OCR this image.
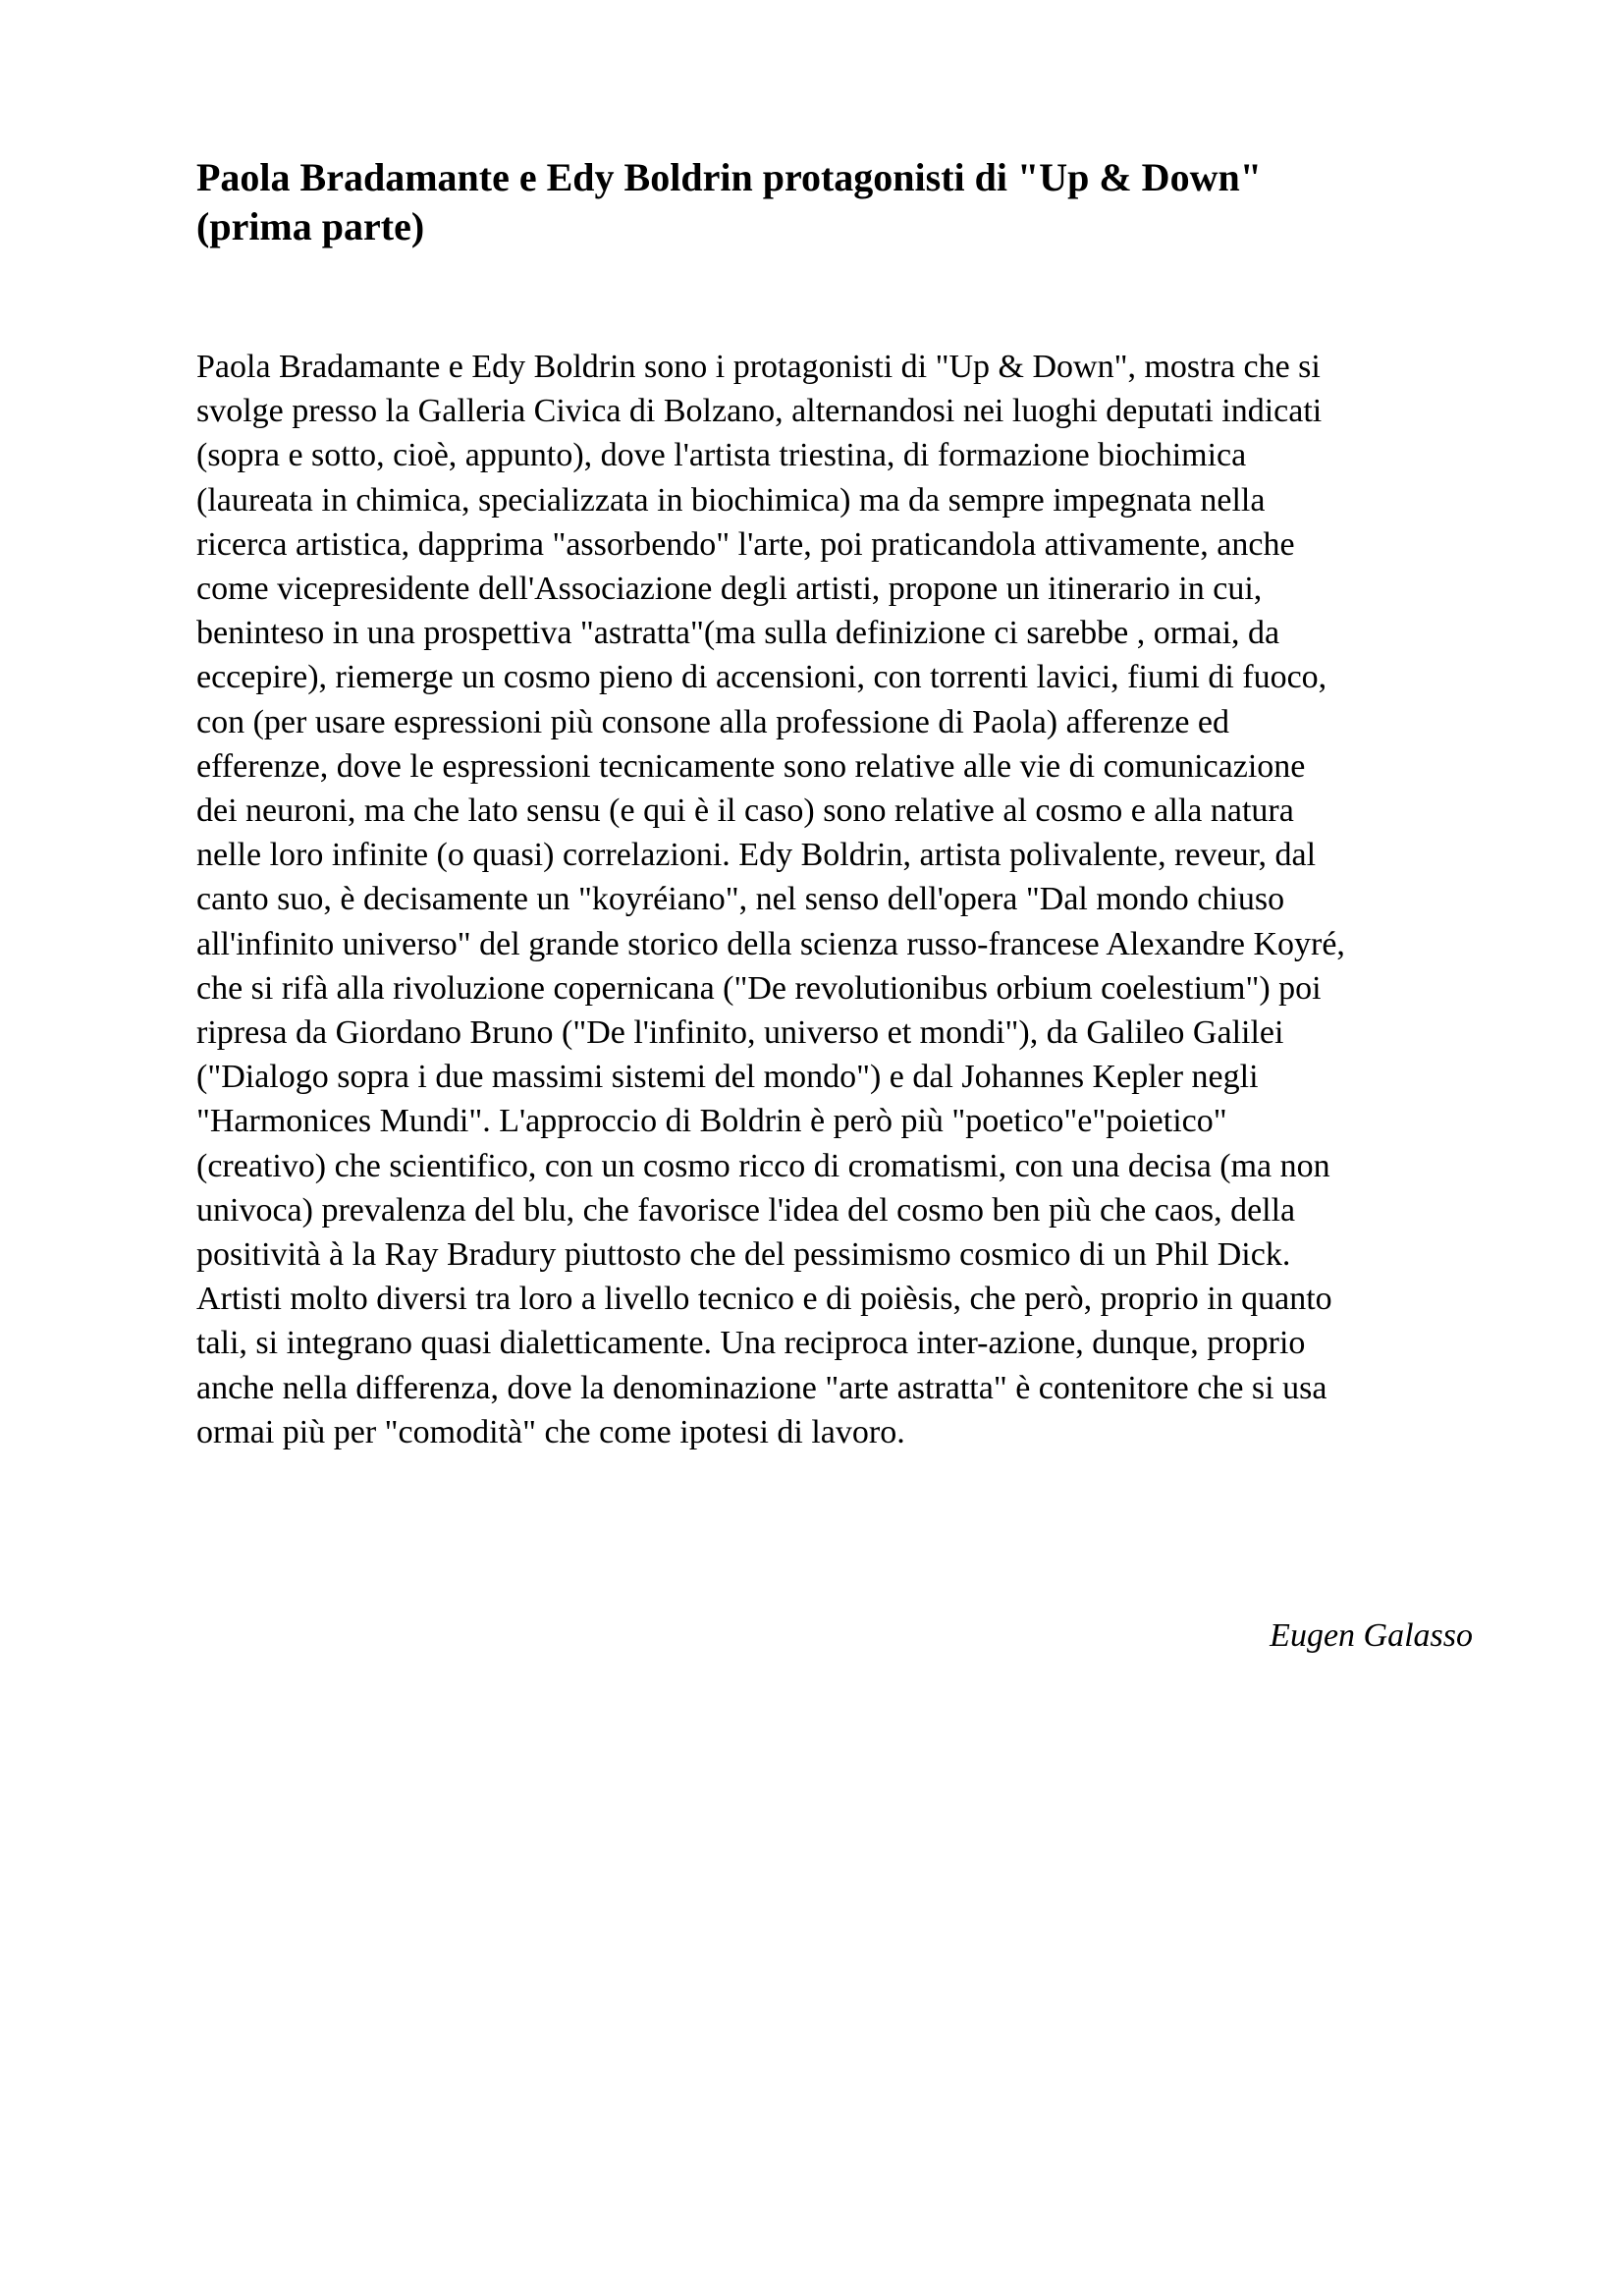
Paola Bradamante e Edy Boldrin protagonisti di "Up & Down"
(prima parte)

Paola Bradamante e Edy Boldrin sono i protagonisti di "Up & Down", mostra che si
svolge presso la Galleria Civica di Bolzano, alternandosi nei luoghi deputati indicati
(sopra e sotto, cioè, appunto), dove l'artista triestina, di formazione biochimica
(laureata in chimica, specializzata in biochimica) ma da sempre impegnata nella
ricerca artistica, dapprima "assorbendo" l'arte, poi praticandola attivamente, anche
come vicepresidente dell'Associazione degli artisti, propone un itinerario in cui,
beninteso in una prospettiva "astratta"(ma sulla definizione ci sarebbe , ormai, da
eccepire), riemerge un cosmo pieno di accensioni, con torrenti lavici, fiumi di fuoco,
con (per usare espressioni più consone alla professione di Paola) afferenze ed
efferenze, dove le espressioni tecnicamente sono relative alle vie di comunicazione
dei neuroni, ma che lato sensu (e qui è il caso) sono relative al cosmo e alla natura
nelle loro infinite (o quasi) correlazioni. Edy Boldrin, artista polivalente, reveur, dal
canto suo, è decisamente un "koyréiano", nel senso dell'opera "Dal mondo chiuso
all'infinito universo" del grande storico della scienza russo-francese Alexandre Koyré,
che si rifà alla rivoluzione copernicana ("De revolutionibus orbium coelestium") poi
ripresa da Giordano Bruno ("De l'infinito, universo et mondi"), da Galileo Galilei
("Dialogo sopra i due massimi sistemi del mondo") e dal Johannes Kepler negli
"Harmonices Mundi". L'approccio di Boldrin è però più "poetico"e"poietico"
(creativo) che scientifico, con un cosmo ricco di cromatismi, con una decisa (ma non
univoca) prevalenza del blu, che favorisce l'idea del cosmo ben più che caos, della
positività à la Ray Bradury piuttosto che del pessimismo cosmico di un Phil Dick.
Artisti molto diversi tra loro a livello tecnico e di poièsis, che però, proprio in quanto
tali, si integrano quasi dialetticamente. Una reciproca inter-azione, dunque, proprio
anche nella differenza, dove la denominazione "arte astratta" è contenitore che si usa
ormai più per "comodità" che come ipotesi di lavoro.

Eugen Galasso
